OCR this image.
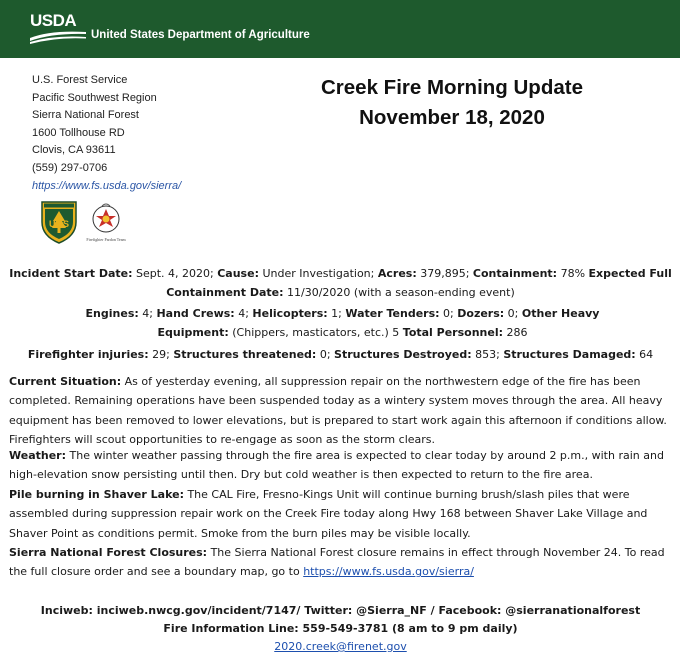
USDA
United States Department of Agriculture
U.S. Forest Service
Pacific Southwest Region
Sierra National Forest
1600 Tollhouse RD
Clovis, CA 93611
(559) 297-0706
https://www.fs.usda.gov/sierra/
Creek Fire Morning Update
November 18, 2020
U S
Firefighter Pardon Team
Incident Start Date: Sept. 4, 2020; Cause: Under Investigation; Acres: 379,895; Containment: 78% Expected Full Containment Date: 11/30/2020 (with a season-ending event)
Engines: 4; Hand Crews: 4; Helicopters: 1; Water Tenders: 0; Dozers: 0; Other Heavy Equipment: (Chippers, masticators, etc.) 5 Total Personnel: 286
Firefighter injuries: 29; Structures threatened: 0; Structures Destroyed: 853; Structures Damaged: 64
Current Situation: As of yesterday evening, all suppression repair on the northwestern edge of the fire has been completed. Remaining operations have been suspended today as a wintery system moves through the area. All heavy equipment has been removed to lower elevations, but is prepared to start work again this afternoon if conditions allow. Firefighters will scout opportunities to re-engage as soon as the storm clears.
Weather: The winter weather passing through the fire area is expected to clear today by around 2 p.m., with rain and high-elevation snow persisting until then. Dry but cold weather is then expected to return to the fire area.
Pile burning in Shaver Lake: The CAL Fire, Fresno-Kings Unit will continue burning brush/slash piles that were assembled during suppression repair work on the Creek Fire today along Hwy 168 between Shaver Lake Village and Shaver Point as conditions permit. Smoke from the burn piles may be visible locally.
Sierra National Forest Closures: The Sierra National Forest closure remains in effect through November 24. To read the full closure order and see a boundary map, go to https://www.fs.usda.gov/sierra/
Inciweb: inciweb.nwcg.gov/incident/7147/ Twitter: @Sierra_NF / Facebook: @sierranationalforest
Fire Information Line: 559-549-3781 (8 am to 9 pm daily)
2020.creek@firenet.gov
